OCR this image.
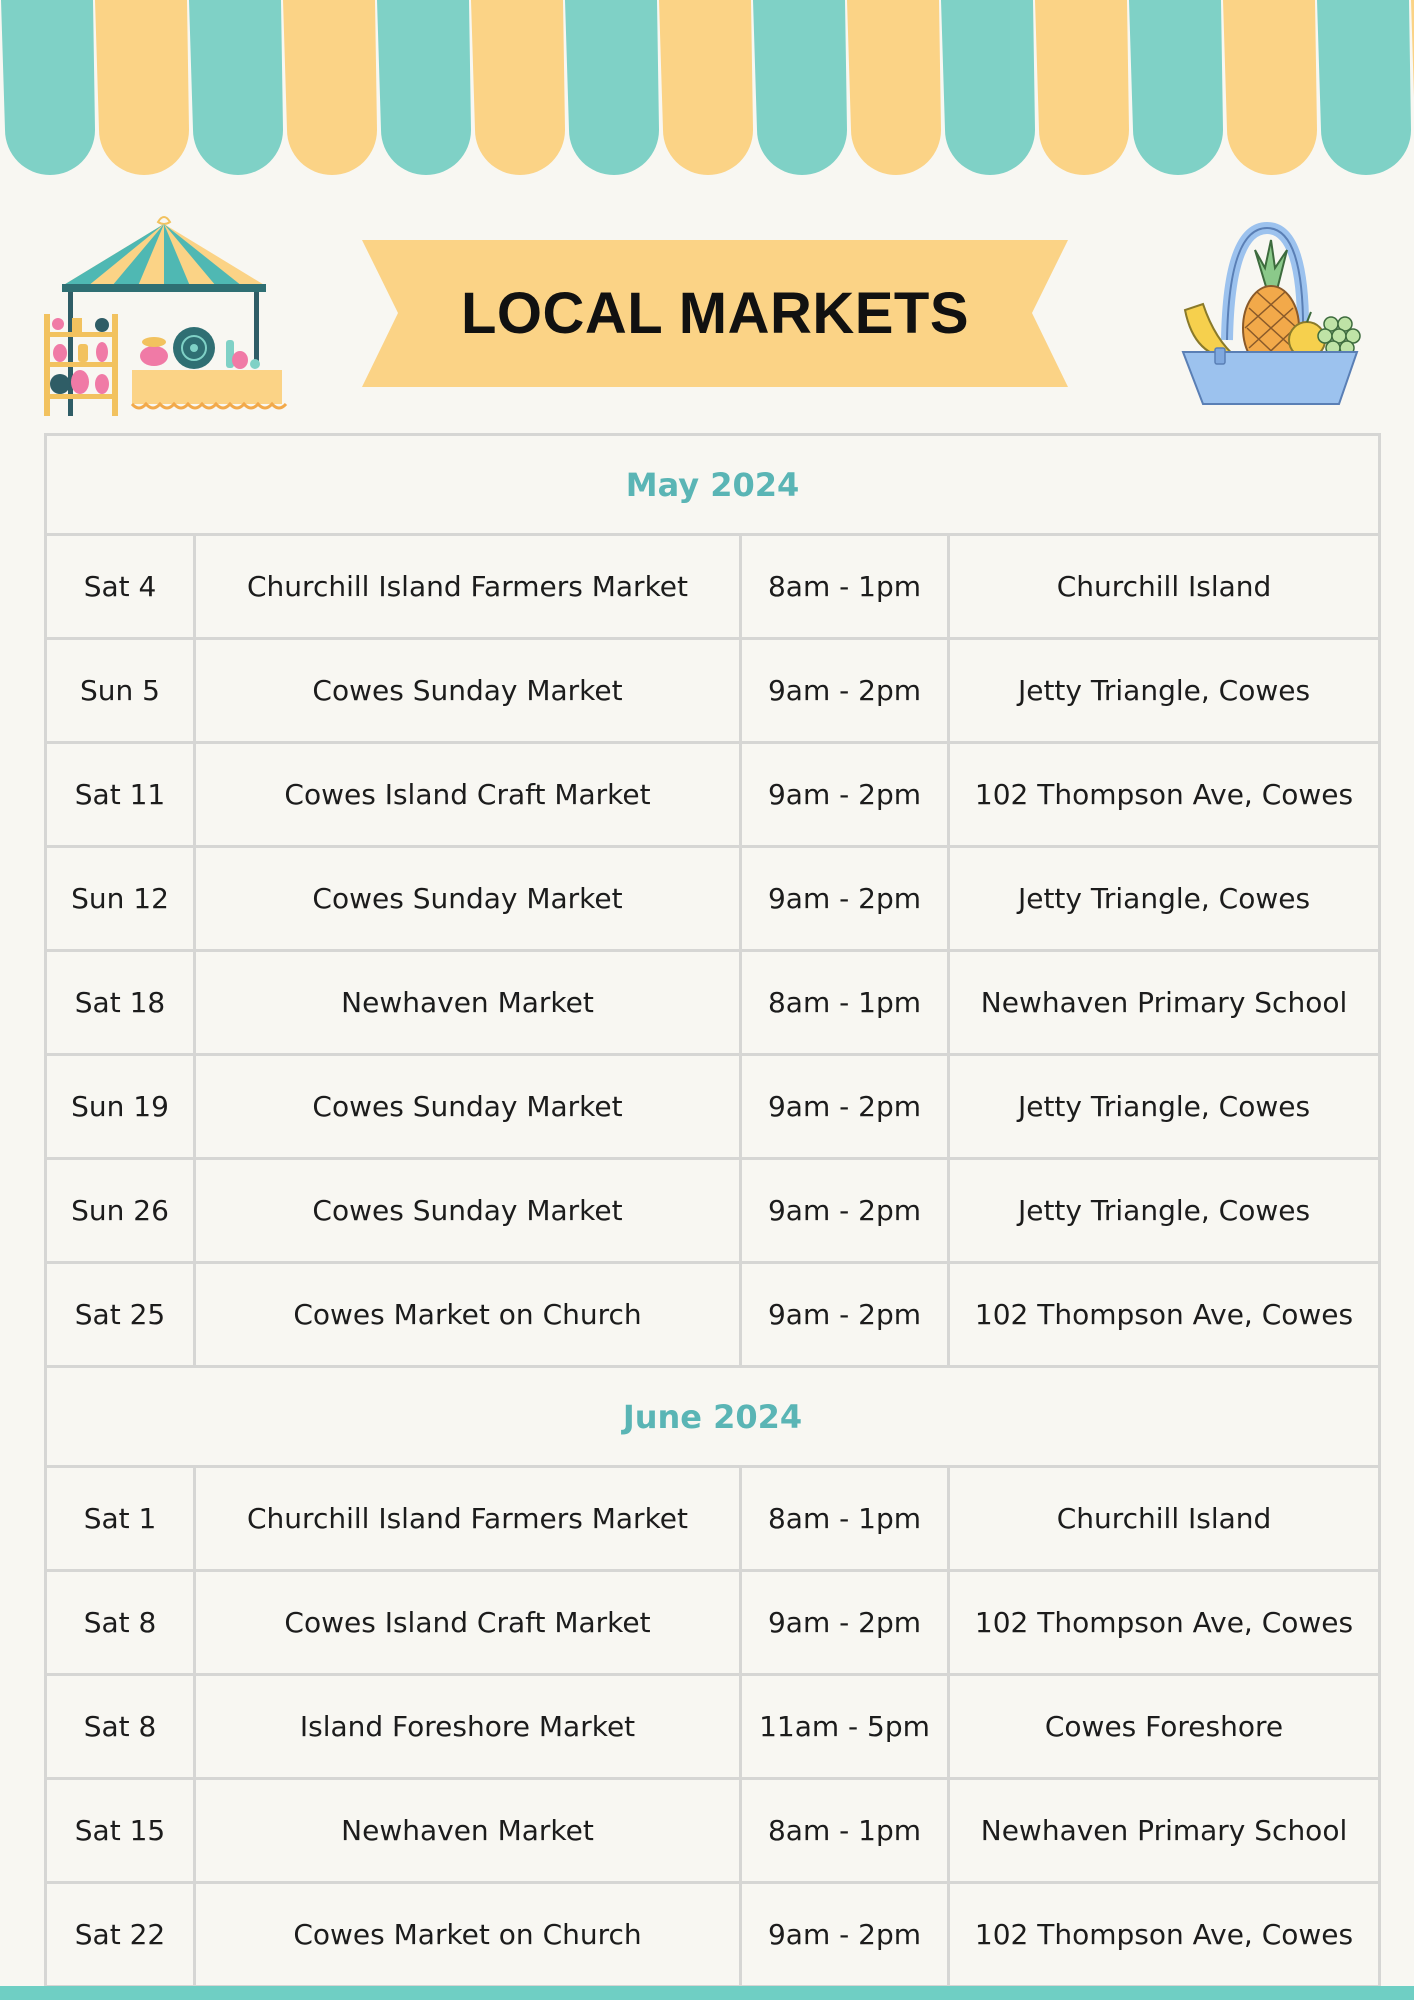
LOCAL MARKETS
May 2024			
Sat 4	Churchill Island Farmers Market	8am - 1pm	Churchill Island
Sun 5	Cowes Sunday Market	9am - 2pm	Jetty Triangle, Cowes
Sat 11	Cowes Island Craft Market	9am - 2pm	102 Thompson Ave, Cowes
Sun 12	Cowes Sunday Market	9am - 2pm	Jetty Triangle, Cowes
Sat 18	Newhaven Market	8am - 1pm	Newhaven Primary School
Sun 19	Cowes Sunday Market	9am - 2pm	Jetty Triangle, Cowes
Sun 26	Cowes Sunday Market	9am - 2pm	Jetty Triangle, Cowes
Sat 25	Cowes Market on Church	9am - 2pm	102 Thompson Ave, Cowes
June 2024			
Sat 1	Churchill Island Farmers Market	8am - 1pm	Churchill Island
Sat 8	Cowes Island Craft Market	9am - 2pm	102 Thompson Ave, Cowes
Sat 8	Island Foreshore Market	11am - 5pm	Cowes Foreshore
Sat 15	Newhaven Market	8am - 1pm	Newhaven Primary School
Sat 22	Cowes Market on Church	9am - 2pm	102 Thompson Ave, Cowes
